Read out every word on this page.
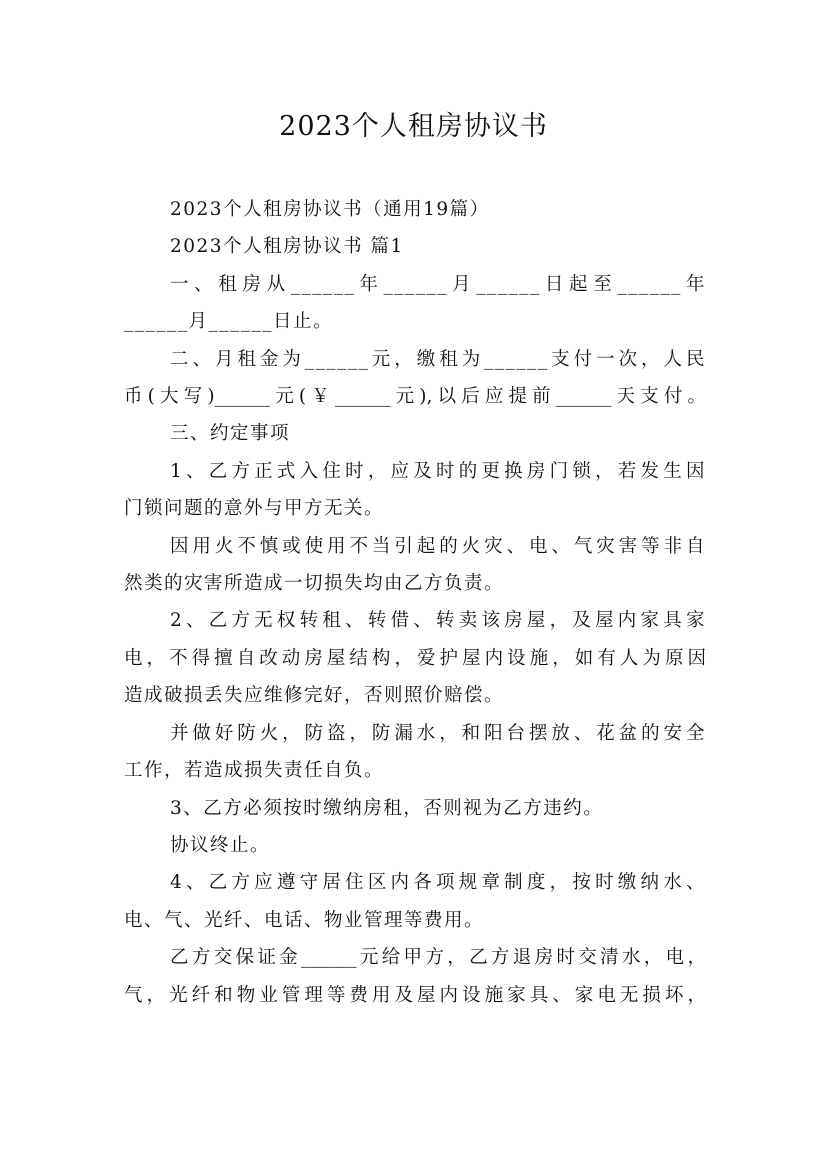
2023个人租房协议书
2023个人租房协议书（通用19篇）
2023个人租房协议书 篇1
一、租房从______年______月______日起至______年
______月______日止。
二、月租金为______元，缴租为______支付一次，人民
币(大写)______元(￥______元),以后应提前______天支付。
三、约定事项
1、乙方正式入住时，应及时的更换房门锁，若发生因
门锁问题的意外与甲方无关。
因用火不慎或使用不当引起的火灾、电、气灾害等非自
然类的灾害所造成一切损失均由乙方负责。
2、乙方无权转租、转借、转卖该房屋，及屋内家具家
电，不得擅自改动房屋结构，爱护屋内设施，如有人为原因
造成破损丢失应维修完好，否则照价赔偿。
并做好防火，防盗，防漏水，和阳台摆放、花盆的安全
工作，若造成损失责任自负。
3、乙方必须按时缴纳房租，否则视为乙方违约。
协议终止。
4、乙方应遵守居住区内各项规章制度，按时缴纳水、
电、气、光纤、电话、物业管理等费用。
乙方交保证金______元给甲方，乙方退房时交清水，电，
气，光纤和物业管理等费用及屋内设施家具、家电无损坏，
